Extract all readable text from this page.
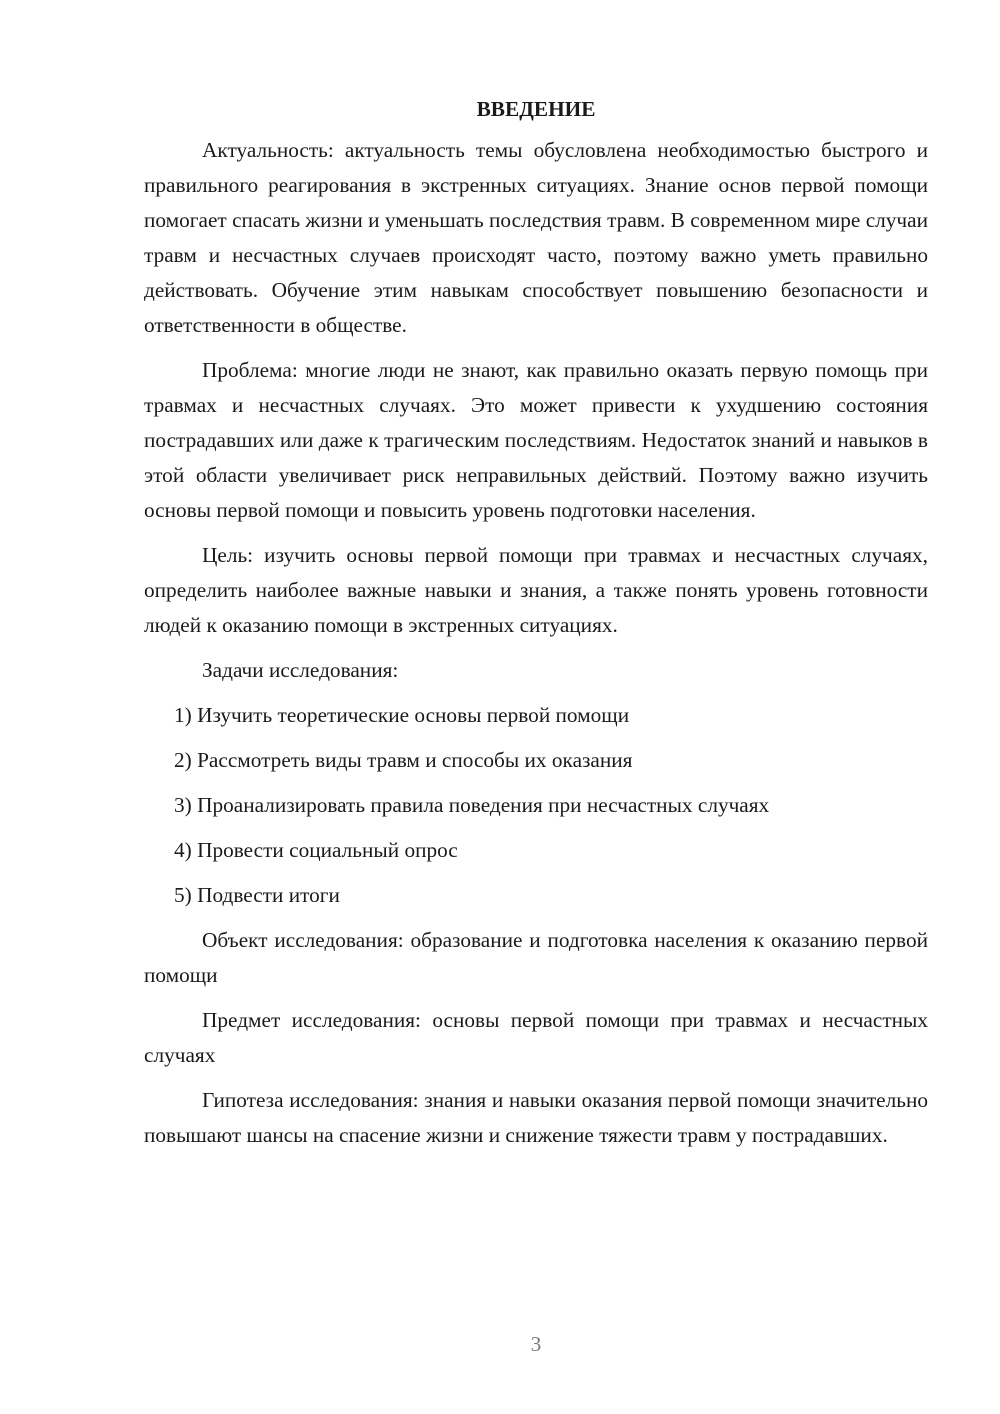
ВВЕДЕНИЕ

Актуальность: актуальность темы обусловлена необходимостью быстрого и правильного реагирования в экстренных ситуациях. Знание основ первой помощи помогает спасать жизни и уменьшать последствия травм. В современном мире случаи травм и несчастных случаев происходят часто, поэтому важно уметь правильно действовать. Обучение этим навыкам способствует повышению безопасности и ответственности в обществе.

Проблема: многие люди не знают, как правильно оказать первую помощь при травмах и несчастных случаях. Это может привести к ухудшению состояния пострадавших или даже к трагическим последствиям. Недостаток знаний и навыков в этой области увеличивает риск неправильных действий. Поэтому важно изучить основы первой помощи и повысить уровень подготовки населения.

Цель: изучить основы первой помощи при травмах и несчастных случаях, определить наиболее важные навыки и знания, а также понять уровень готовности людей к оказанию помощи в экстренных ситуациях.

Задачи исследования:

1) Изучить теоретические основы первой помощи
2) Рассмотреть виды травм и способы их оказания
3) Проанализировать правила поведения при несчастных случаях
4) Провести социальный опрос
5) Подвести итоги

Объект исследования: образование и подготовка населения к оказанию первой помощи

Предмет исследования: основы первой помощи при травмах и несчастных случаях

Гипотеза исследования: знания и навыки оказания первой помощи значительно повышают шансы на спасение жизни и снижение тяжести травм у пострадавших.

3
